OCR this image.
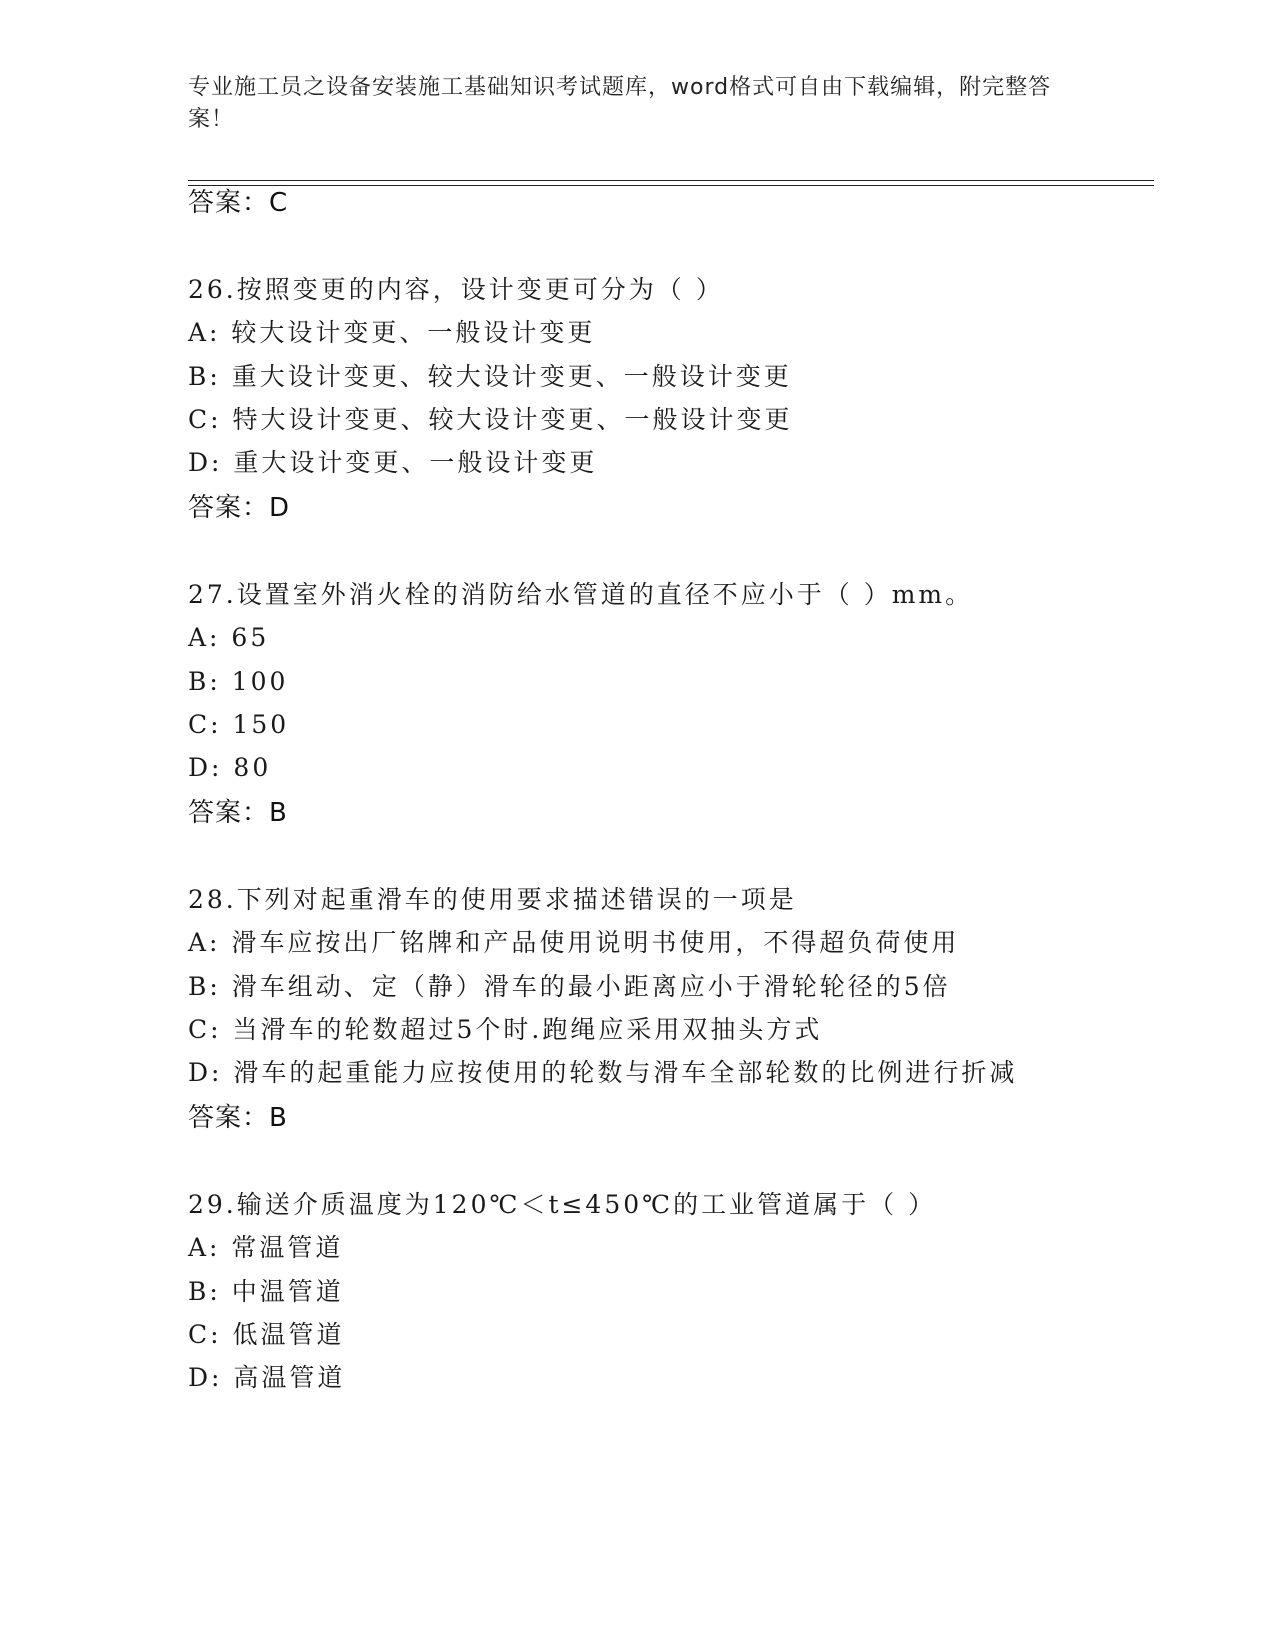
专业施工员之设备安装施工基础知识考试题库，word格式可自由下载编辑，附完整答案！
答案：C
26.按照变更的内容，设计变更可分为（ ）
A: 较大设计变更、一般设计变更
B: 重大设计变更、较大设计变更、一般设计变更
C: 特大设计变更、较大设计变更、一般设计变更
D: 重大设计变更、一般设计变更
答案：D
27.设置室外消火栓的消防给水管道的直径不应小于（ ）mm。
A: 65
B: 100
C: 150
D: 80
答案：B
28.下列对起重滑车的使用要求描述错误的一项是
A: 滑车应按出厂铭牌和产品使用说明书使用，不得超负荷使用
B: 滑车组动、定（静）滑车的最小距离应小于滑轮轮径的5倍
C: 当滑车的轮数超过5个时.跑绳应采用双抽头方式
D: 滑车的起重能力应按使用的轮数与滑车全部轮数的比例进行折减
答案：B
29.输送介质温度为120℃＜t≤450℃的工业管道属于（ ）
A: 常温管道
B: 中温管道
C: 低温管道
D: 高温管道
